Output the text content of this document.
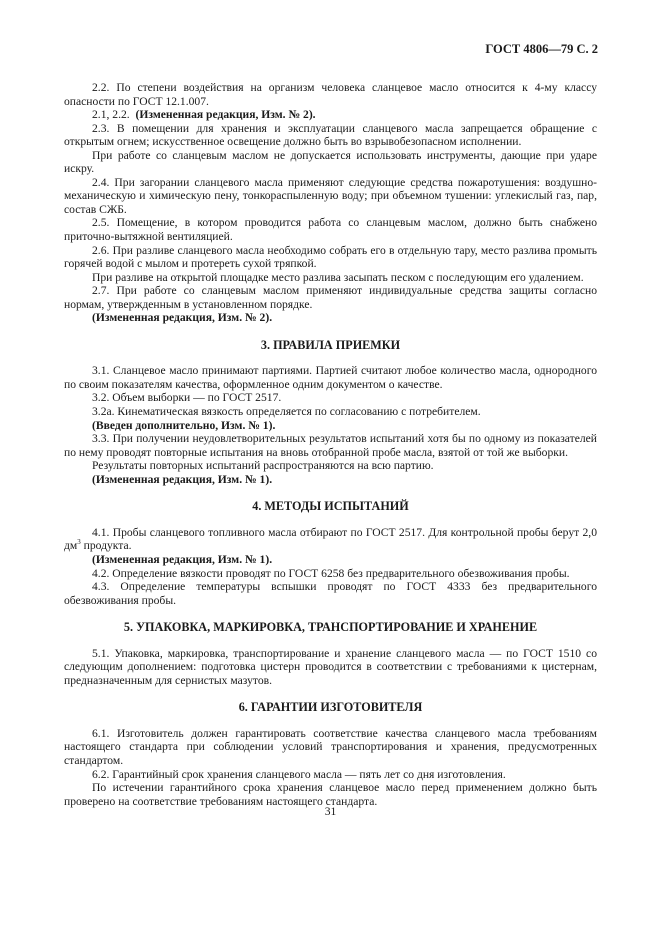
ГОСТ 4806—79 С. 2

2.2. По степени воздействия на организм человека сланцевое масло относится к 4-му классу опасности по ГОСТ 12.1.007.

2.1, 2.2. (Измененная редакция, Изм. № 2).

2.3. В помещении для хранения и эксплуатации сланцевого масла запрещается обращение с открытым огнем; искусственное освещение должно быть во взрывобезопасном исполнении.

При работе со сланцевым маслом не допускается использовать инструменты, дающие при ударе искру.

2.4. При загорании сланцевого масла применяют следующие средства пожаротушения: воздушно-механическую и химическую пену, тонкораспыленную воду; при объемном тушении: углекислый газ, пар, состав СЖБ.

2.5. Помещение, в котором проводится работа со сланцевым маслом, должно быть снабжено приточно-вытяжной вентиляцией.

2.6. При разливе сланцевого масла необходимо собрать его в отдельную тару, место разлива промыть горячей водой с мылом и протереть сухой тряпкой.

При разливе на открытой площадке место разлива засыпать песком с последующим его удалением.

2.7. При работе со сланцевым маслом применяют индивидуальные средства защиты согласно нормам, утвержденным в установленном порядке.

(Измененная редакция, Изм. № 2).

3. ПРАВИЛА ПРИЕМКИ

3.1. Сланцевое масло принимают партиями. Партией считают любое количество масла, однородного по своим показателям качества, оформленное одним документом о качестве.

3.2. Объем выборки — по ГОСТ 2517.

3.2а. Кинематическая вязкость определяется по согласованию с потребителем.

(Введен дополнительно, Изм. № 1).

3.3. При получении неудовлетворительных результатов испытаний хотя бы по одному из показателей по нему проводят повторные испытания на вновь отобранной пробе масла, взятой от той же выборки.

Результаты повторных испытаний распространяются на всю партию.

(Измененная редакция, Изм. № 1).

4. МЕТОДЫ ИСПЫТАНИЙ

4.1. Пробы сланцевого топливного масла отбирают по ГОСТ 2517. Для контрольной пробы берут 2,0 $дм^3$ продукта.

(Измененная редакция, Изм. № 1).

4.2. Определение вязкости проводят по ГОСТ 6258 без предварительного обезвоживания пробы.

4.3. Определение температуры вспышки проводят по ГОСТ 4333 без предварительного обезвоживания пробы.

5. УПАКОВКА, МАРКИРОВКА, ТРАНСПОРТИРОВАНИЕ И ХРАНЕНИЕ

5.1. Упаковка, маркировка, транспортирование и хранение сланцевого масла — по ГОСТ 1510 со следующим дополнением: подготовка цистерн проводится в соответствии с требованиями к цистернам, предназначенным для сернистых мазутов.

6. ГАРАНТИИ ИЗГОТОВИТЕЛЯ

6.1. Изготовитель должен гарантировать соответствие качества сланцевого масла требованиям настоящего стандарта при соблюдении условий транспортирования и хранения, предусмотренных стандартом.

6.2. Гарантийный срок хранения сланцевого масла — пять лет со дня изготовления.

По истечении гарантийного срока хранения сланцевое масло перед применением должно быть проверено на соответствие требованиям настоящего стандарта.

31
